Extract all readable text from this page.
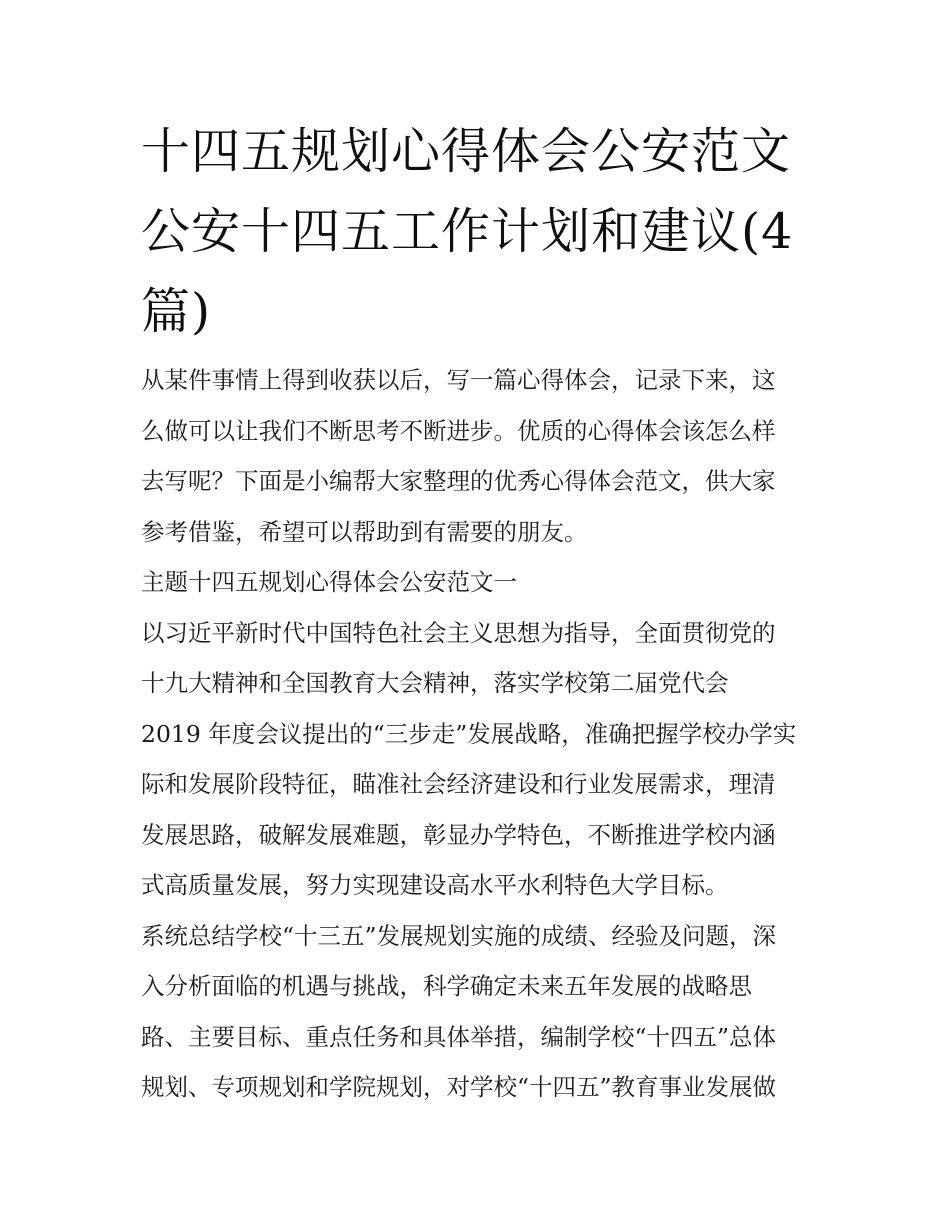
十四五规划心得体会公安范文
公安十四五工作计划和建议(4
篇)
从某件事情上得到收获以后，写一篇心得体会，记录下来，这
么做可以让我们不断思考不断进步。优质的心得体会该怎么样
去写呢？下面是小编帮大家整理的优秀心得体会范文，供大家
参考借鉴，希望可以帮助到有需要的朋友。
主题十四五规划心得体会公安范文一
以习近平新时代中国特色社会主义思想为指导，全面贯彻党的
十九大精神和全国教育大会精神，落实学校第二届党代会
2019 年度会议提出的“三步走”发展战略，准确把握学校办学实
际和发展阶段特征，瞄准社会经济建设和行业发展需求，理清
发展思路，破解发展难题，彰显办学特色，不断推进学校内涵
式高质量发展，努力实现建设高水平水利特色大学目标。
系统总结学校“十三五”发展规划实施的成绩、经验及问题，深
入分析面临的机遇与挑战，科学确定未来五年发展的战略思
路、主要目标、重点任务和具体举措，编制学校“十四五”总体
规划、专项规划和学院规划，对学校“十四五”教育事业发展做
